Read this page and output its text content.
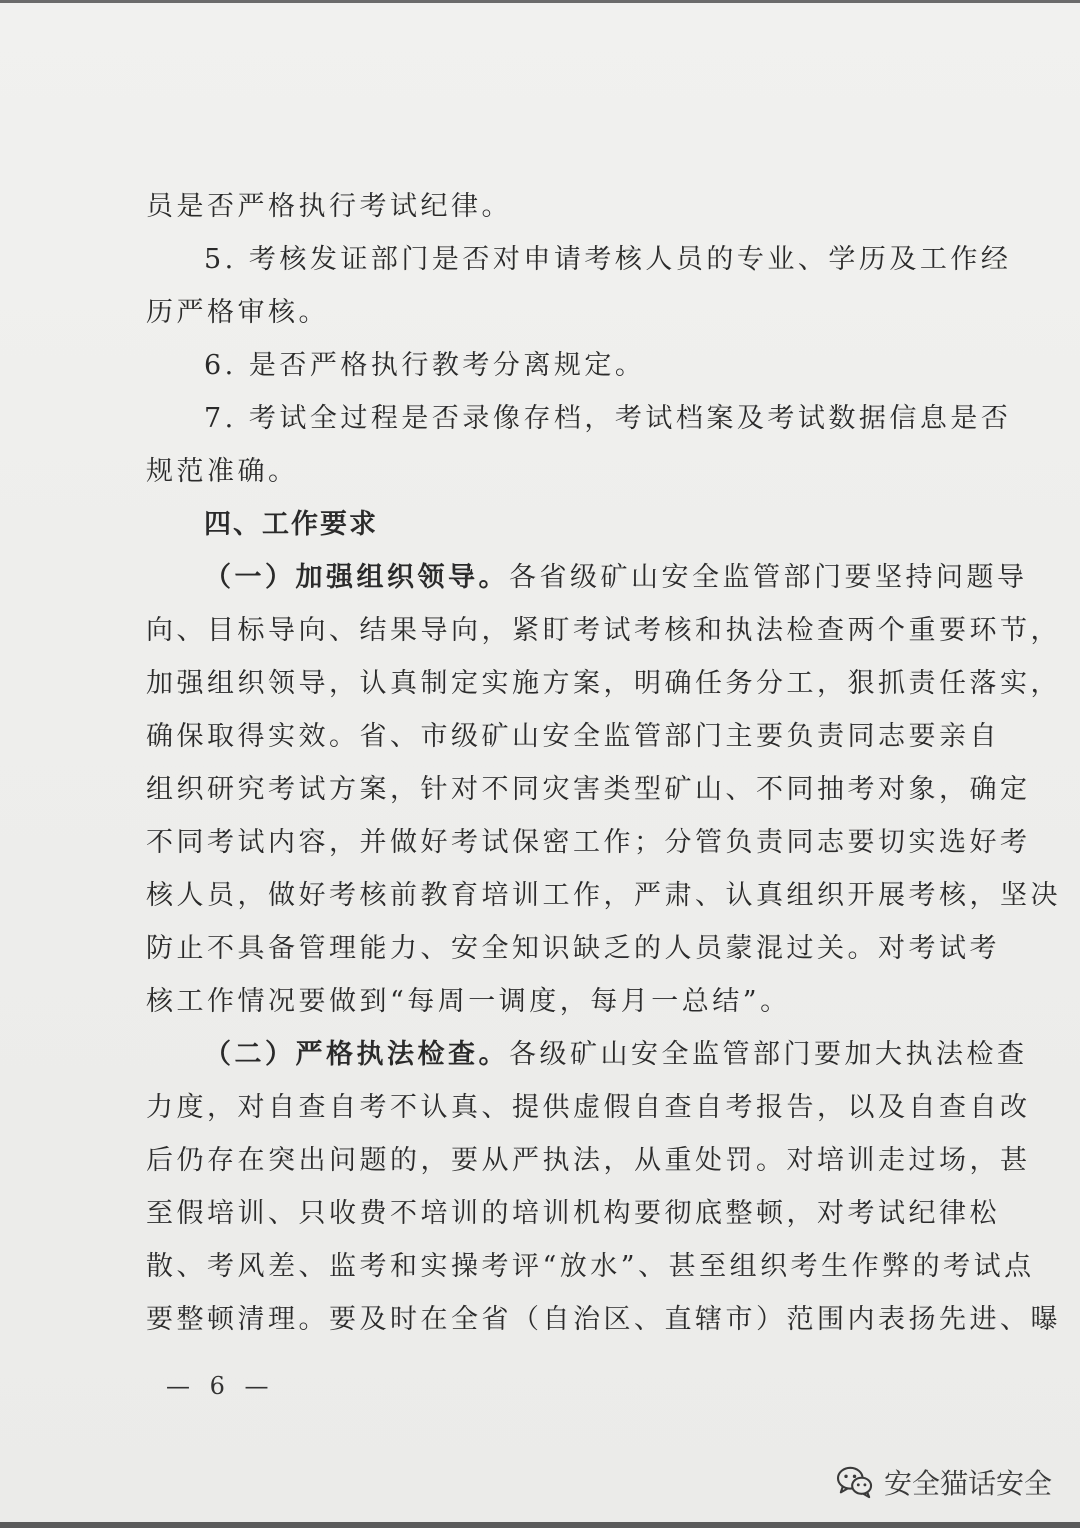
员是否严格执行考试纪律。
5. 考核发证部门是否对申请考核人员的专业、学历及工作经
历严格审核。
6. 是否严格执行教考分离规定。
7. 考试全过程是否录像存档，考试档案及考试数据信息是否
规范准确。
四、工作要求
（一）加强组织领导。各省级矿山安全监管部门要坚持问题导
向、目标导向、结果导向，紧盯考试考核和执法检查两个重要环节，
加强组织领导，认真制定实施方案，明确任务分工，狠抓责任落实，
确保取得实效。省、市级矿山安全监管部门主要负责同志要亲自
组织研究考试方案，针对不同灾害类型矿山、不同抽考对象，确定
不同考试内容，并做好考试保密工作；分管负责同志要切实选好考
核人员，做好考核前教育培训工作，严肃、认真组织开展考核，坚决
防止不具备管理能力、安全知识缺乏的人员蒙混过关。对考试考
核工作情况要做到“每周一调度，每月一总结”。
（二）严格执法检查。各级矿山安全监管部门要加大执法检查
力度，对自查自考不认真、提供虚假自查自考报告，以及自查自改
后仍存在突出问题的，要从严执法，从重处罚。对培训走过场，甚
至假培训、只收费不培训的培训机构要彻底整顿，对考试纪律松
散、考风差、监考和实操考评“放水”、甚至组织考生作弊的考试点
要整顿清理。要及时在全省（自治区、直辖市）范围内表扬先进、曝
— 6 —
安全猫话安全
